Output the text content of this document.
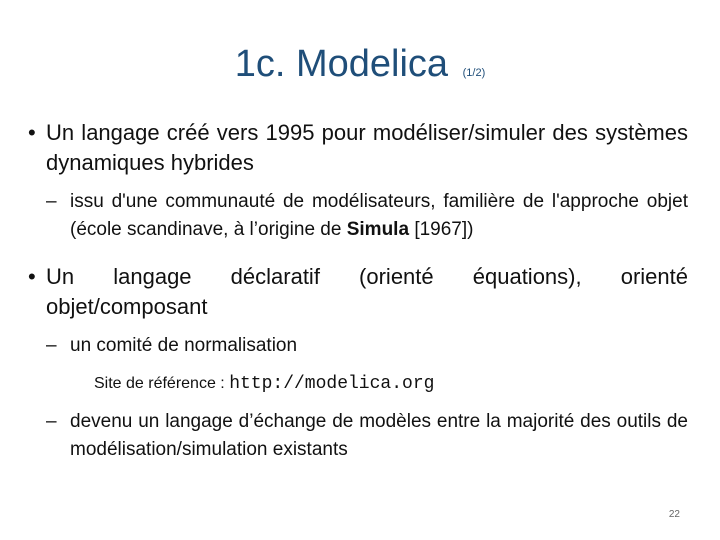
1c. Modelica (1/2)
• Un langage créé vers 1995 pour modéliser/simuler des systèmes dynamiques hybrides
– issu d'une communauté de modélisateurs, familière de l'approche objet (école scandinave, à l’origine de Simula [1967])
• Un langage déclaratif (orienté équations), orienté objet/composant
– un comité de normalisation
Site de référence : http://modelica.org
– devenu un langage d’échange de modèles entre la majorité des outils de modélisation/simulation existants
22
